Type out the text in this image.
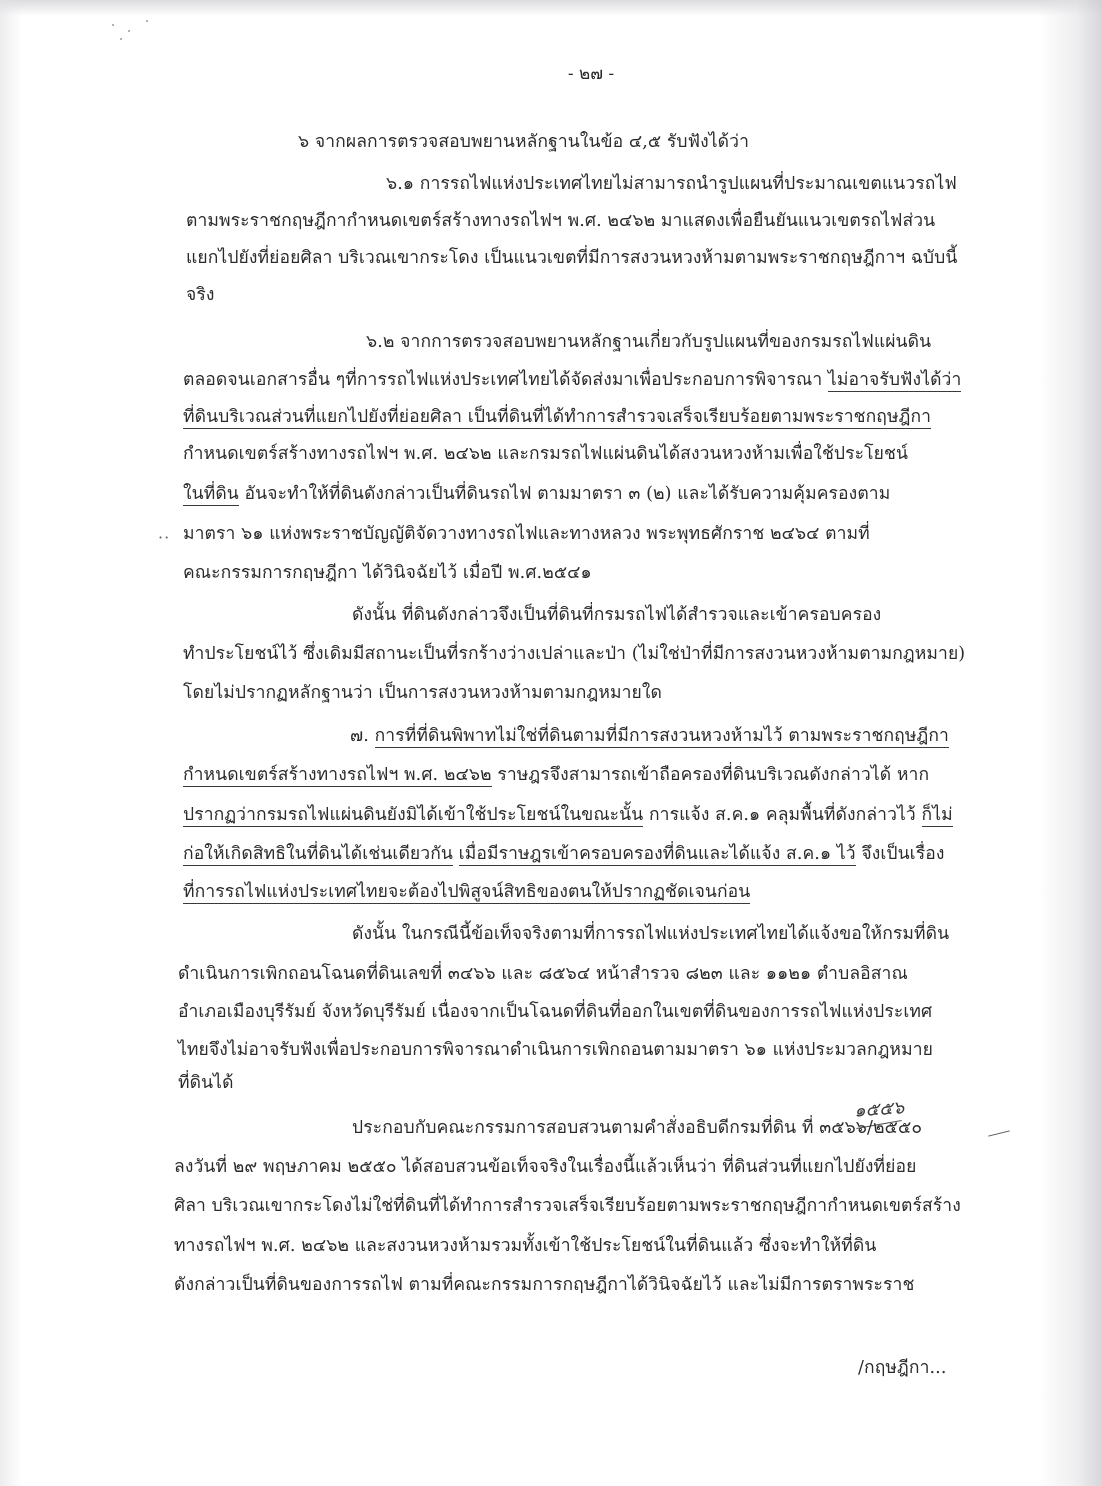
- ๒๗ -
๖ จากผลการตรวจสอบพยานหลักฐานในข้อ ๔,๕ รับฟังได้ว่า
๖.๑ การรถไฟแห่งประเทศไทยไม่สามารถนำรูปแผนที่ประมาณเขตแนวรถไฟ
ตามพระราชกฤษฎีกากำหนดเขตร์สร้างทางรถไฟฯ พ.ศ. ๒๔๖๒ มาแสดงเพื่อยืนยันแนวเขตรถไฟส่วน
แยกไปยังที่ย่อยศิลา บริเวณเขากระโดง เป็นแนวเขตที่มีการสงวนหวงห้ามตามพระราชกฤษฎีกาฯ ฉบับนี้
จริง
๖.๒ จากการตรวจสอบพยานหลักฐานเกี่ยวกับรูปแผนที่ของกรมรถไฟแผ่นดิน
ตลอดจนเอกสารอื่น ๆที่การรถไฟแห่งประเทศไทยได้จัดส่งมาเพื่อประกอบการพิจารณา ไม่อาจรับฟังได้ว่า
ที่ดินบริเวณส่วนที่แยกไปยังที่ย่อยศิลา เป็นที่ดินที่ได้ทำการสำรวจเสร็จเรียบร้อยตามพระราชกฤษฎีกา
กำหนดเขตร์สร้างทางรถไฟฯ พ.ศ. ๒๔๖๒ และกรมรถไฟแผ่นดินได้สงวนหวงห้ามเพื่อใช้ประโยชน์
ในที่ดิน อันจะทำให้ที่ดินดังกล่าวเป็นที่ดินรถไฟ ตามมาตรา ๓ (๒) และได้รับความคุ้มครองตาม
·· มาตรา ๖๑ แห่งพระราชบัญญัติจัดวางทางรถไฟและทางหลวง พระพุทธศักราช ๒๔๖๔ ตามที่
คณะกรรมการกฤษฎีกา ได้วินิจฉัยไว้ เมื่อปี พ.ศ.๒๕๔๑
ดังนั้น ที่ดินดังกล่าวจึงเป็นที่ดินที่กรมรถไฟได้สำรวจและเข้าครอบครอง
ทำประโยชน์ไว้ ซึ่งเดิมมีสถานะเป็นที่รกร้างว่างเปล่าและป่า (ไม่ใช่ป่าที่มีการสงวนหวงห้ามตามกฎหมาย)
โดยไม่ปรากฏหลักฐานว่า เป็นการสงวนหวงห้ามตามกฎหมายใด
๗. การที่ที่ดินพิพาทไม่ใช่ที่ดินตามที่มีการสงวนหวงห้ามไว้ ตามพระราชกฤษฎีกา
กำหนดเขตร์สร้างทางรถไฟฯ พ.ศ. ๒๔๖๒ ราษฎรจึงสามารถเข้าถือครองที่ดินบริเวณดังกล่าวได้ หาก
ปรากฏว่ากรมรถไฟแผ่นดินยังมิได้เข้าใช้ประโยชน์ในขณะนั้น การแจ้ง ส.ค.๑ คลุมพื้นที่ดังกล่าวไว้ ก็ไม่
ก่อให้เกิดสิทธิในที่ดินได้เช่นเดียวกัน เมื่อมีราษฎรเข้าครอบครองที่ดินและได้แจ้ง ส.ค.๑ ไว้ จึงเป็นเรื่อง
ที่การรถไฟแห่งประเทศไทยจะต้องไปพิสูจน์สิทธิของตนให้ปรากฏชัดเจนก่อน
ดังนั้น ในกรณีนี้ข้อเท็จจริงตามที่การรถไฟแห่งประเทศไทยได้แจ้งขอให้กรมที่ดิน
ดำเนินการเพิกถอนโฉนดที่ดินเลขที่ ๓๔๖๖ และ ๘๕๖๔ หน้าสำรวจ ๘๒๓ และ ๑๑๒๑ ตำบลอิสาณ
อำเภอเมืองบุรีรัมย์ จังหวัดบุรีรัมย์ เนื่องจากเป็นโฉนดที่ดินที่ออกในเขตที่ดินของการรถไฟแห่งประเทศ
ไทยจึงไม่อาจรับฟังเพื่อประกอบการพิจารณาดำเนินการเพิกถอนตามมาตรา ๖๑ แห่งประมวลกฎหมาย
ที่ดินได้
๑๕๕๖
ประกอบกับคณะกรรมการสอบสวนตามคำสั่งอธิบดีกรมที่ดิน ที่ ๓๕๖๖/๒๕๕๐
ลงวันที่ ๒๙ พฤษภาคม ๒๕๕๐ ได้สอบสวนข้อเท็จจริงในเรื่องนี้แล้วเห็นว่า ที่ดินส่วนที่แยกไปยังที่ย่อย
ศิลา บริเวณเขากระโดงไม่ใช่ที่ดินที่ได้ทำการสำรวจเสร็จเรียบร้อยตามพระราชกฤษฎีกากำหนดเขตร์สร้าง
ทางรถไฟฯ พ.ศ. ๒๔๖๒ และสงวนหวงห้ามรวมทั้งเข้าใช้ประโยชน์ในที่ดินแล้ว ซึ่งจะทำให้ที่ดิน
ดังกล่าวเป็นที่ดินของการรถไฟ ตามที่คณะกรรมการกฤษฎีกาได้วินิจฉัยไว้ และไม่มีการตราพระราช
/กฤษฎีกา...
